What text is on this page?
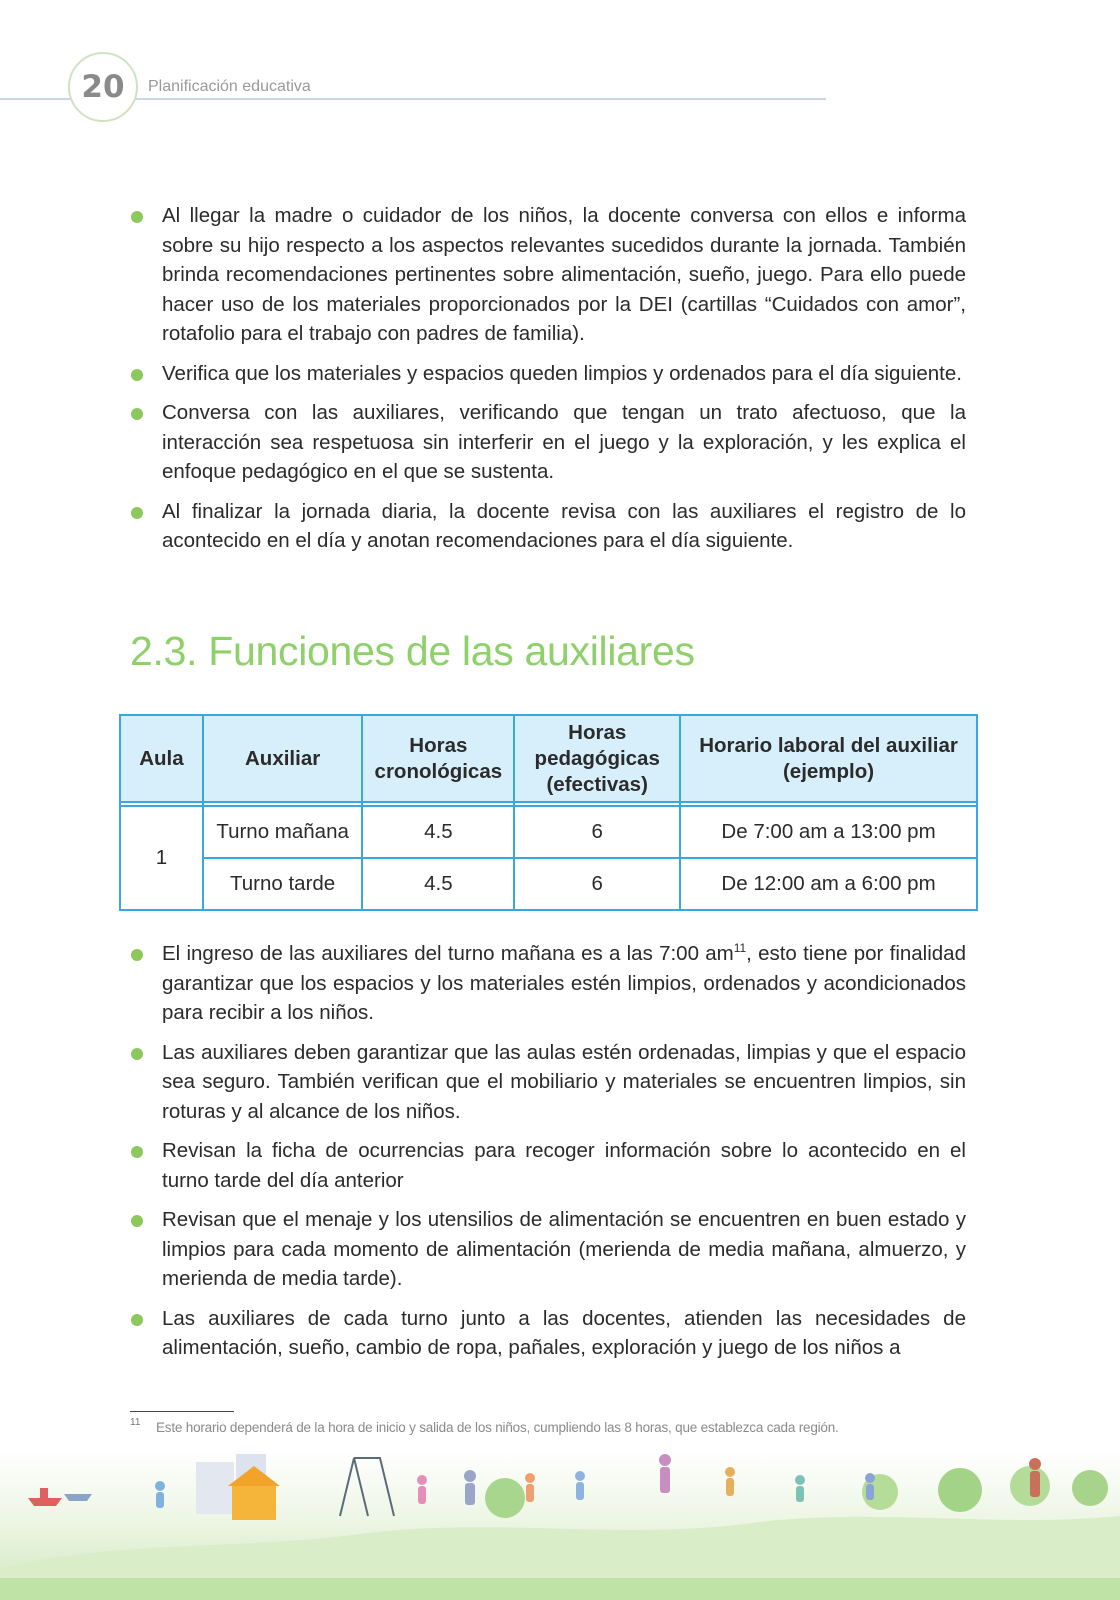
20	Planificación educativa
Al llegar la madre o cuidador de los niños, la docente conversa con ellos e informa sobre su hijo respecto a los aspectos relevantes sucedidos durante la jornada. También brinda recomendaciones pertinentes sobre alimentación, sueño, juego. Para ello puede hacer uso de los materiales proporcionados por la DEI (cartillas “Cuidados con amor”, rotafolio para el trabajo con padres de familia).
Verifica que los materiales y espacios queden limpios y ordenados para el día siguiente.
Conversa con las auxiliares, verificando que tengan un trato afectuoso, que la interacción sea respetuosa sin interferir en el juego y la exploración, y les explica el enfoque pedagógico en el que se sustenta.
Al finalizar la jornada diaria, la docente revisa con las auxiliares el registro de lo acontecido en el día y anotan recomendaciones para el día siguiente.
2.3. Funciones de las auxiliares
Aula	Auxiliar	Horas cronológicas	Horas pedagógicas (efectivas)	Horario laboral del auxiliar (ejemplo)

1	Turno mañana	4.5	6	De 7:00 am a 13:00 pm
	Turno tarde	4.5	6	De 12:00 am a 6:00 pm
El ingreso de las auxiliares del turno mañana es a las 7:00 $am^{11}$, esto tiene por finalidad garantizar que los espacios y los materiales estén limpios, ordenados y acondicionados para recibir a los niños.
Las auxiliares deben garantizar que las aulas estén ordenadas, limpias y que el espacio sea seguro. También verifican que el mobiliario y materiales se encuentren limpios, sin roturas y al alcance de los niños.
Revisan la ficha de ocurrencias para recoger información sobre lo acontecido en el turno tarde del día anterior
Revisan que el menaje y los utensilios de alimentación se encuentren en buen estado y limpios para cada momento de alimentación (merienda de media mañana, almuerzo, y merienda de media tarde).
Las auxiliares de cada turno junto a las docentes, atienden las necesidades de alimentación, sueño, cambio de ropa, pañales, exploración y juego de los niños a
11 Este horario dependerá de la hora de inicio y salida de los niños, cumpliendo las 8 horas, que establezca cada región.
